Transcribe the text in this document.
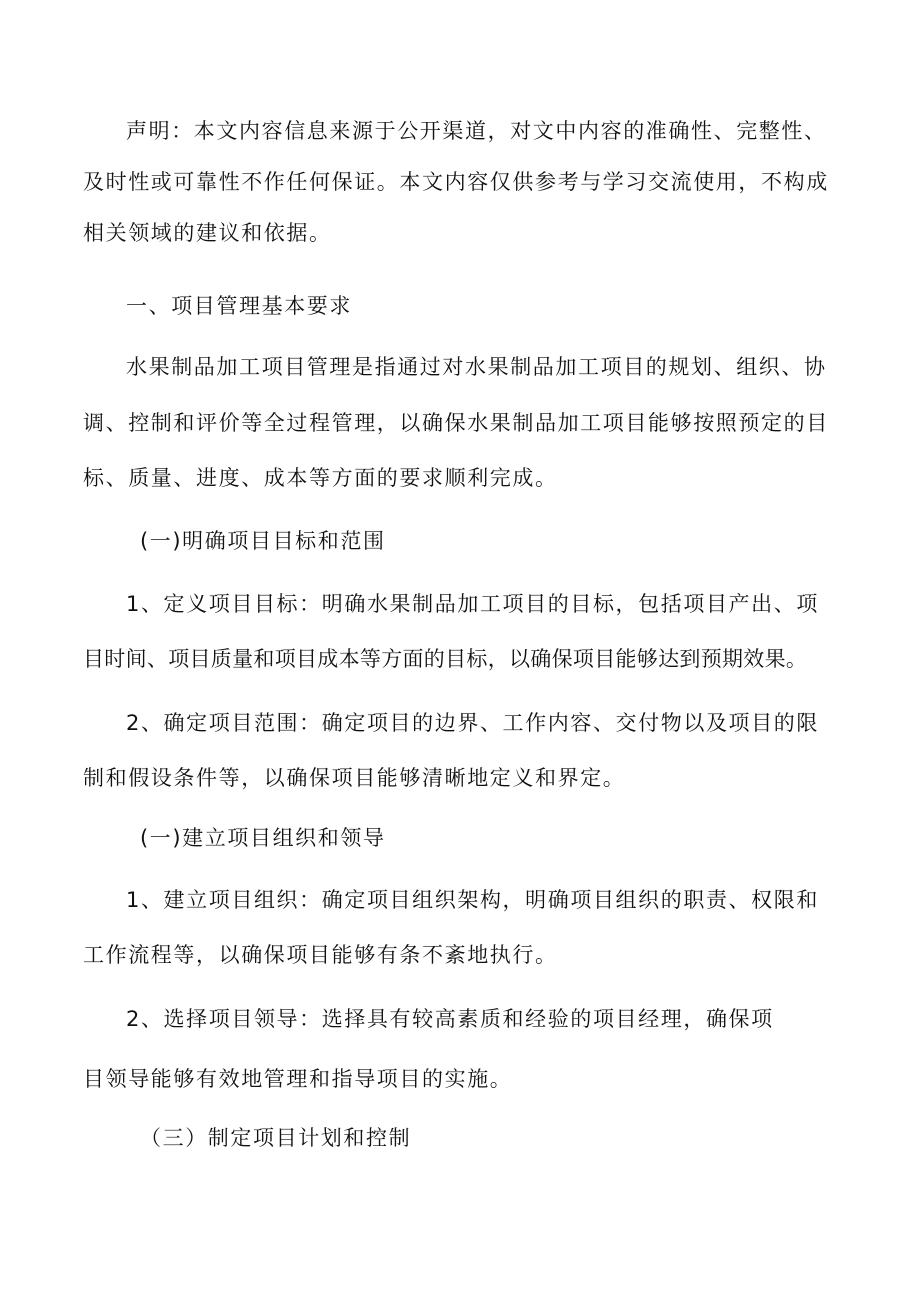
声明：本文内容信息来源于公开渠道，对文中内容的准确性、完整性、
及时性或可靠性不作任何保证。本文内容仅供参考与学习交流使用，不构成
相关领域的建议和依据。
一、项目管理基本要求
水果制品加工项目管理是指通过对水果制品加工项目的规划、组织、协
调、控制和评价等全过程管理，以确保水果制品加工项目能够按照预定的目
标、质量、进度、成本等方面的要求顺利完成。
(一)明确项目目标和范围
1、定义项目目标：明确水果制品加工项目的目标，包括项目产出、项
目时间、项目质量和项目成本等方面的目标，以确保项目能够达到预期效果。
2、确定项目范围：确定项目的边界、工作内容、交付物以及项目的限
制和假设条件等，以确保项目能够清晰地定义和界定。
(一)建立项目组织和领导
1、建立项目组织：确定项目组织架构，明确项目组织的职责、权限和
工作流程等，以确保项目能够有条不紊地执行。
2、选择项目领导：选择具有较高素质和经验的项目经理，确保项
目领导能够有效地管理和指导项目的实施。
（三）制定项目计划和控制
